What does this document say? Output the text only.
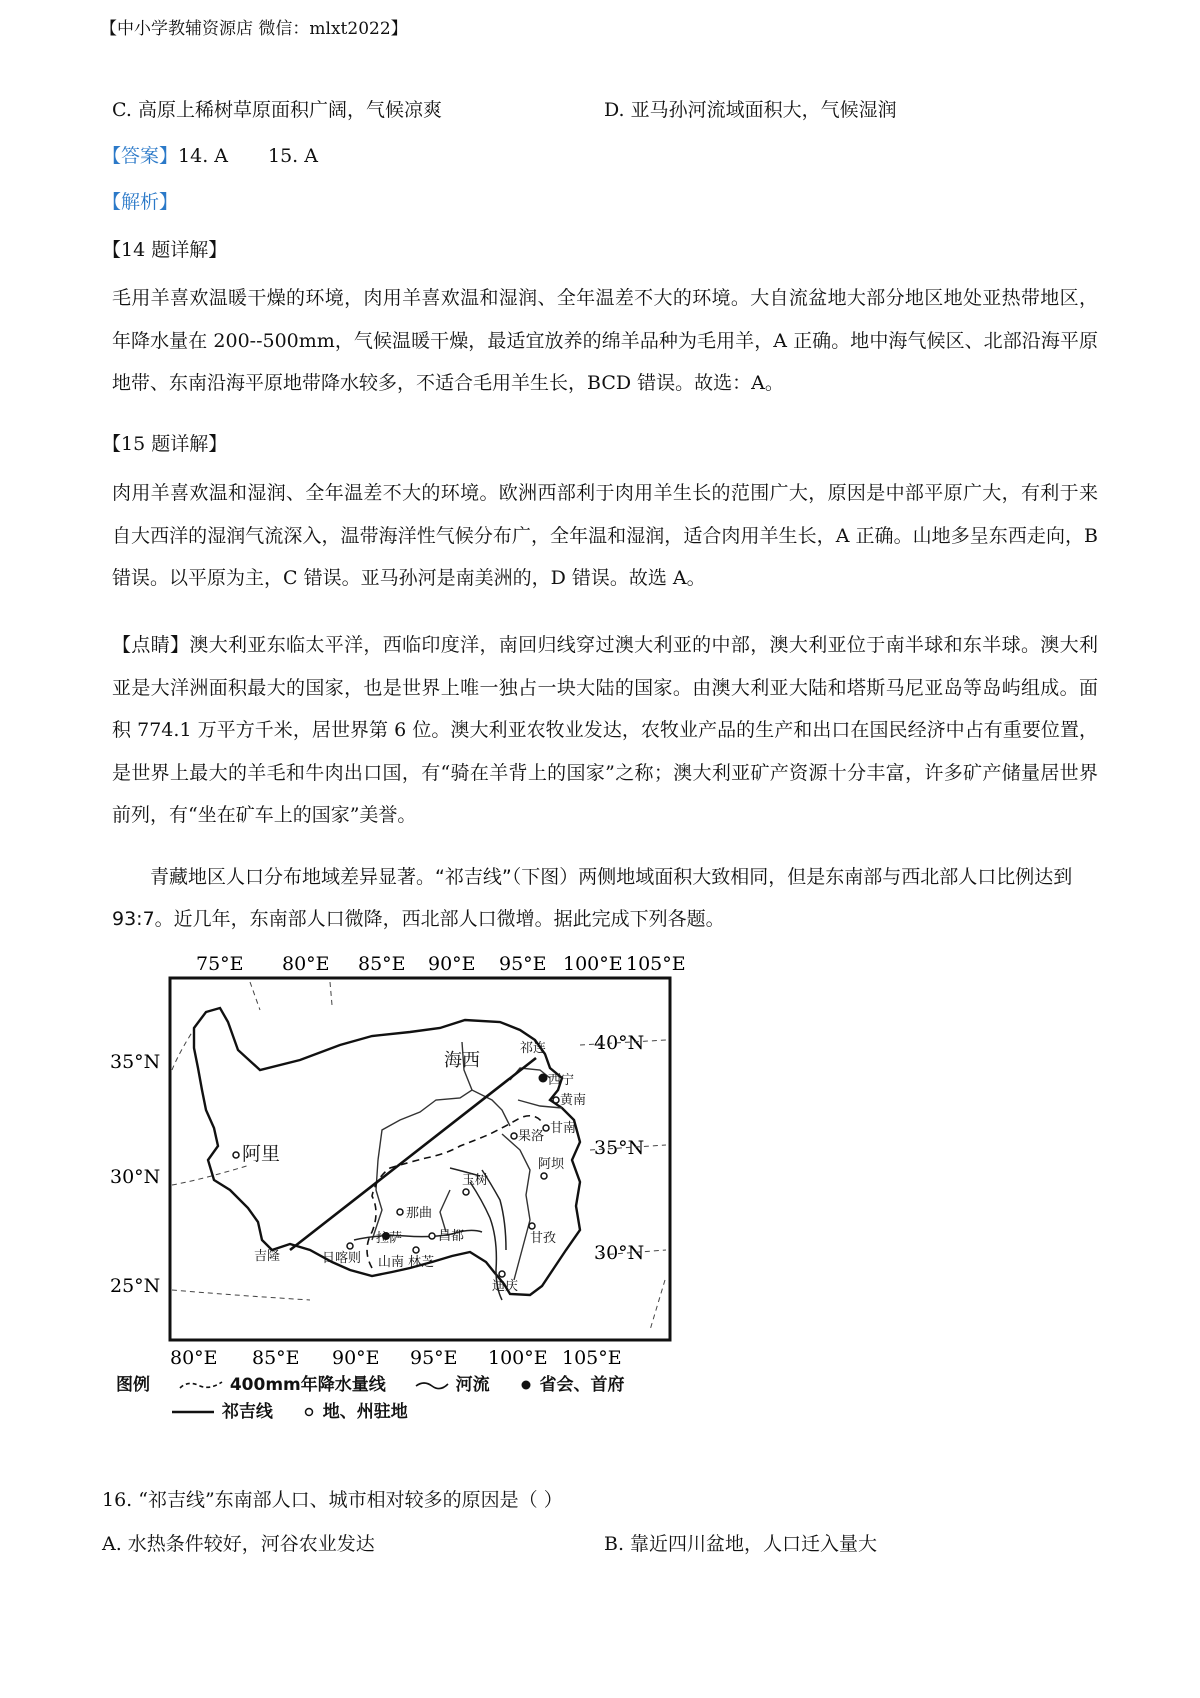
【中小学教辅资源店 微信：mlxt2022】
C. 高原上稀树草原面积广阔，气候凉爽	D. 亚马孙河流域面积大，气候湿润
【答案】14. A 15. A
【解析】
【14 题详解】
毛用羊喜欢温暖干燥的环境，肉用羊喜欢温和湿润、全年温差不大的环境。大自流盆地大部分地区地处亚热带地区，年降水量在 200--500mm，气候温暖干燥，最适宜放养的绵羊品种为毛用羊，A 正确。地中海气候区、北部沿海平原地带、东南沿海平原地带降水较多，不适合毛用羊生长，BCD 错误。故选：A。
【15 题详解】
肉用羊喜欢温和湿润、全年温差不大的环境。欧洲西部利于肉用羊生长的范围广大，原因是中部平原广大，有利于来自大西洋的湿润气流深入，温带海洋性气候分布广，全年温和湿润，适合肉用羊生长，A 正确。山地多呈东西走向，B 错误。以平原为主，C 错误。亚马孙河是南美洲的，D 错误。故选 A。
【点睛】澳大利亚东临太平洋，西临印度洋，南回归线穿过澳大利亚的中部，澳大利亚位于南半球和东半球。澳大利亚是大洋洲面积最大的国家，也是世界上唯一独占一块大陆的国家。由澳大利亚大陆和塔斯马尼亚岛等岛屿组成。面积 774.1 万平方千米，居世界第 6 位。澳大利亚农牧业发达，农牧业产品的生产和出口在国民经济中占有重要位置，是世界上最大的羊毛和牛肉出口国，有“骑在羊背上的国家”之称；澳大利亚矿产资源十分丰富，许多矿产储量居世界前列，有“坐在矿车上的国家”美誉。
青藏地区人口分布地域差异显著。“祁吉线”（下图）两侧地域面积大致相同，但是东南部与西北部人口比例达到93:7。近几年，东南部人口微降，西北部人口微增。据此完成下列各题。
75°E 80°E 85°E 90°E 95°E 100°E 105°E
80°E 85°E 90°E 95°E 100°E 105°E
35°N
30°N
25°N
40°N
35°N
30°N
阿里
海西
祁连
西宁
黄南
甘南
果洛
玉树
那曲
阿坝
拉萨	昌都	甘孜
吉隆	日喀则 山南 林芝
迪庆
图例	400mm年降水量线	河流	省会、首府
祁吉线	地、州驻地
16. “祁吉线”东南部人口、城市相对较多的原因是（ ）
A. 水热条件较好，河谷农业发达	B. 靠近四川盆地，人口迁入量大
